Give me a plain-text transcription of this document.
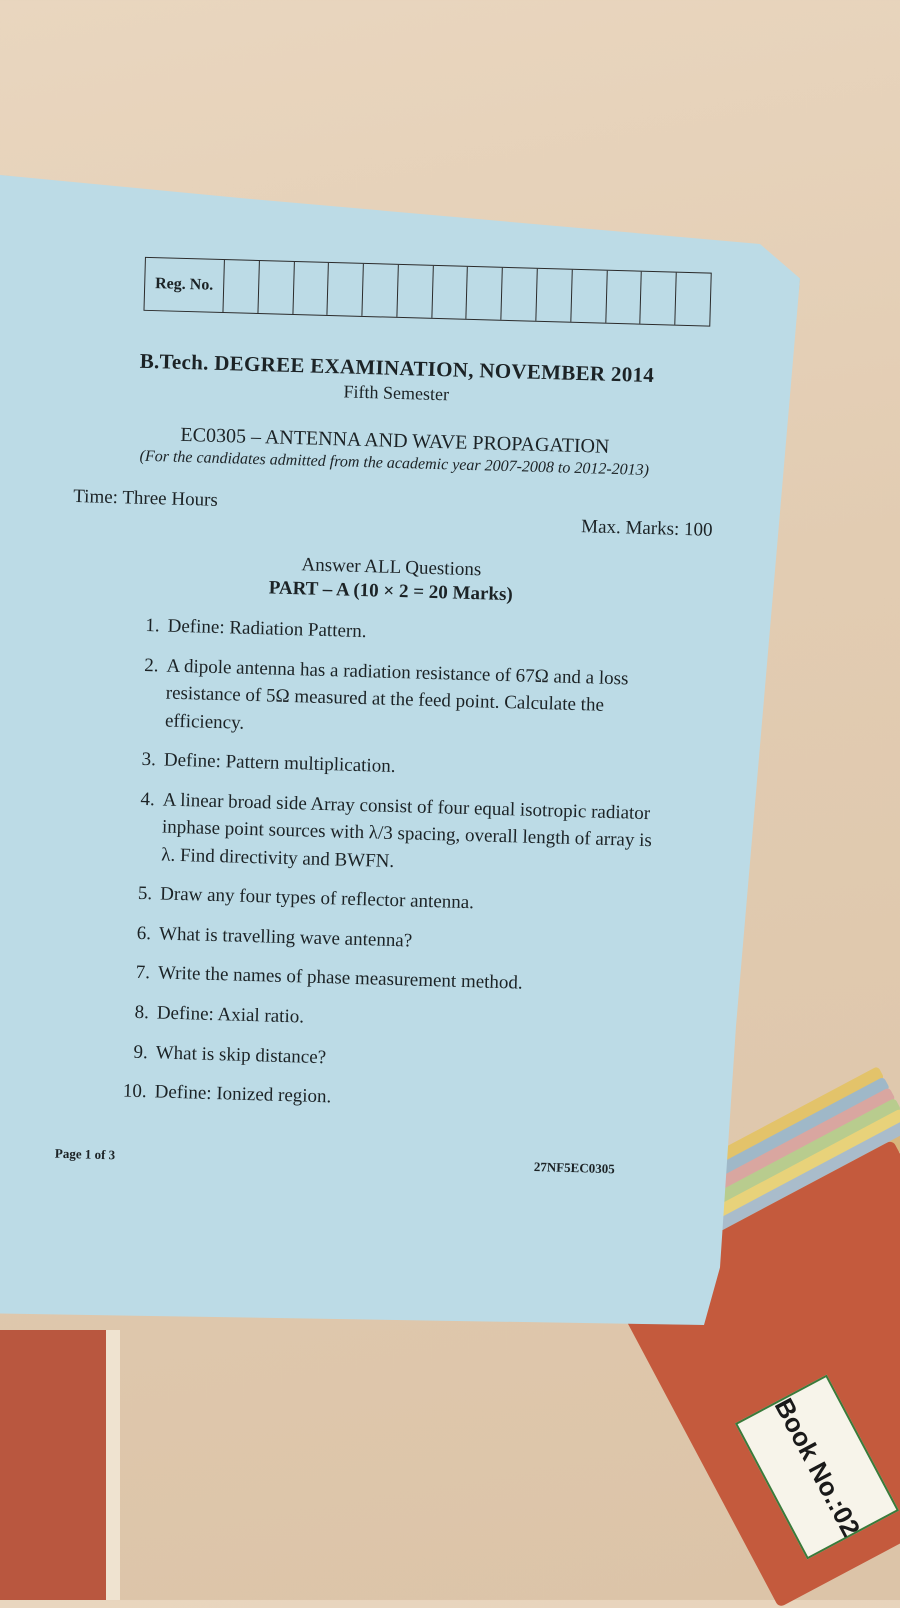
Book No.:02
Reg. No.
B.Tech. DEGREE EXAMINATION, NOVEMBER 2014
Fifth Semester
EC0305 – ANTENNA AND WAVE PROPAGATION
(For the candidates admitted from the academic year 2007-2008 to 2012-2013)
Time: Three Hours
Max. Marks: 100
Answer ALL Questions
PART – A (10 × 2 = 20 Marks)
1. Define: Radiation Pattern.
2. A dipole antenna has a radiation resistance of 67Ω and a loss resistance of 5Ω measured at the feed point. Calculate the efficiency.
3. Define: Pattern multiplication.
4. A linear broad side Array consist of four equal isotropic radiator inphase point sources with λ/3 spacing, overall length of array is λ. Find directivity and BWFN.
5. Draw any four types of reflector antenna.
6. What is travelling wave antenna?
7. Write the names of phase measurement method.
8. Define: Axial ratio.
9. What is skip distance?
10. Define: Ionized region.
Page 1 of 3
27NF5EC0305
